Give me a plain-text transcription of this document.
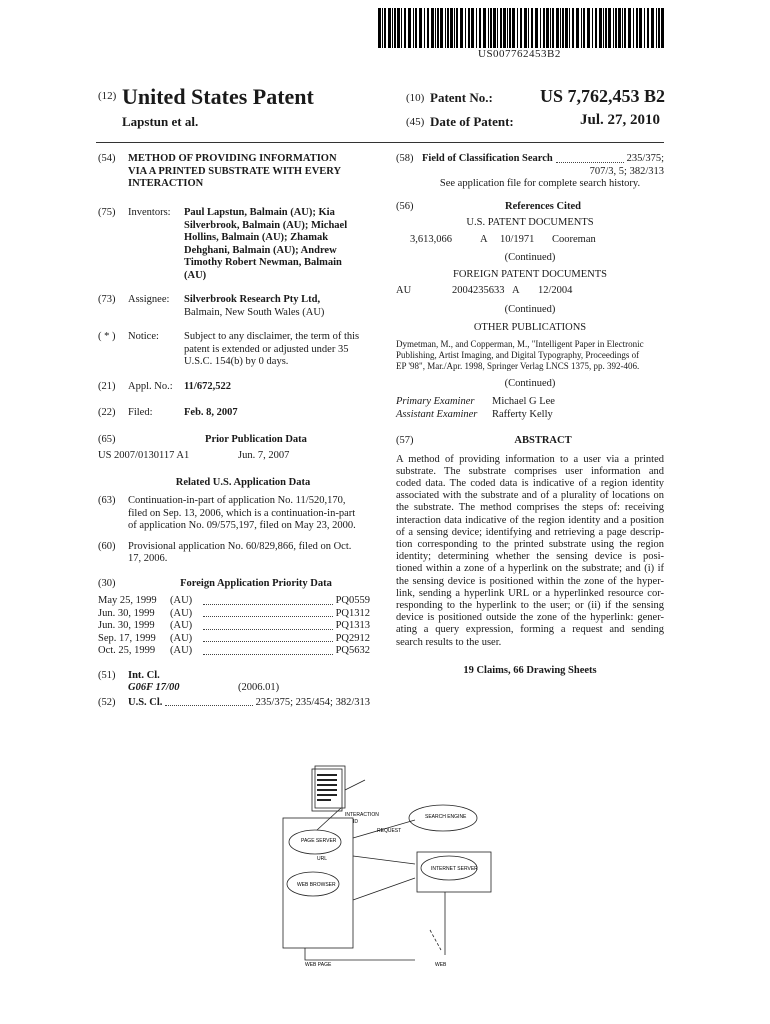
US007762453B2
(12) United States Patent
Lapstun et al.
(10) Patent No.:	US 7,762,453 B2
(45) Date of Patent:	Jul. 27, 2010
(54)	METHOD OF PROVIDING INFORMATION
VIA A PRINTED SUBSTRATE WITH EVERY
INTERACTION
(75)	Inventors:	Paul Lapstun, Balmain (AU); Kia
Silverbrook, Balmain (AU); Michael
Hollins, Balmain (AU); Zhamak
Dehghani, Balmain (AU); Andrew
Timothy Robert Newman, Balmain
(AU)
(73)	Assignee:	Silverbrook Research Pty Ltd,
Balmain, New South Wales (AU)
( * )	Notice:	Subject to any disclaimer, the term of this
patent is extended or adjusted under 35
U.S.C. 154(b) by 0 days.
(21)	Appl. No.:	11/672,522
(22)	Filed:	Feb. 8, 2007
(65)	Prior Publication Data
US 2007/0130117 A1	Jun. 7, 2007
Related U.S. Application Data
(63)	Continuation-in-part of application No. 11/520,170,
filed on Sep. 13, 2006, which is a continuation-in-part
of application No. 09/575,197, filed on May 23, 2000.
(60)	Provisional application No. 60/829,866, filed on Oct.
17, 2006.
(30)	Foreign Application Priority Data
May 25, 1999	(AU)	PQ0559
Jun. 30, 1999	(AU)	PQ1312
Jun. 30, 1999	(AU)	PQ1313
Sep. 17, 1999	(AU)	PQ2912
Oct. 25, 1999	(AU)	PQ5632
(51)	Int. Cl.
G06F 17/00	(2006.01)
(52)	U.S. Cl.	235/375; 235/454; 382/313
(58) Field of Classification Search	235/375;
707/3, 5; 382/313
See application file for complete search history.
(56)	References Cited
U.S. PATENT DOCUMENTS
3,613,066	A	10/1971	Cooreman
(Continued)
FOREIGN PATENT DOCUMENTS
AU	2004235633 A	12/2004
(Continued)
OTHER PUBLICATIONS
Dymetman, M., and Copperman, M., "Intelligent Paper in Electronic
Publishing, Artist Imaging, and Digital Typography, Proceedings of
EP '98", Mar./Apr. 1998, Springer Verlag LNCS 1375, pp. 392-406.
(Continued)
Primary Examiner	Michael G Lee
Assistant Examiner	Rafferty Kelly
(57)	ABSTRACT
A method of providing information to a user via a printed
substrate. The substrate comprises user information and
coded data. The coded data is indicative of a region identity
associated with the substrate and of a plurality of locations on
the substrate. The method comprises the steps of: receiving
interaction data indicative of the region identity and a position
of a sensing device; identifying and retrieving a page descrip-
tion corresponding to the printed substrate using the region
identity; determining whether the sensing device is posi-
tioned within a zone of a hyperlink on the substrate; and (i) if
the sensing device is positioned within the zone of the hyper-
link, sending a hyperlink URL or a hyperlinked resource cor-
responding to the hyperlink to the user; or (ii) if the sensing
device is positioned outside the zone of the hyperlink: gener-
ating a query expression, forming a request and sending
search results to the user.
19 Claims, 66 Drawing Sheets
INTERACTION
ID
REQUEST
PAGE SERVER
URL
WEB BROWSER
SEARCH ENGINE
INTERNET SERVER
WEB PAGE	WEB
